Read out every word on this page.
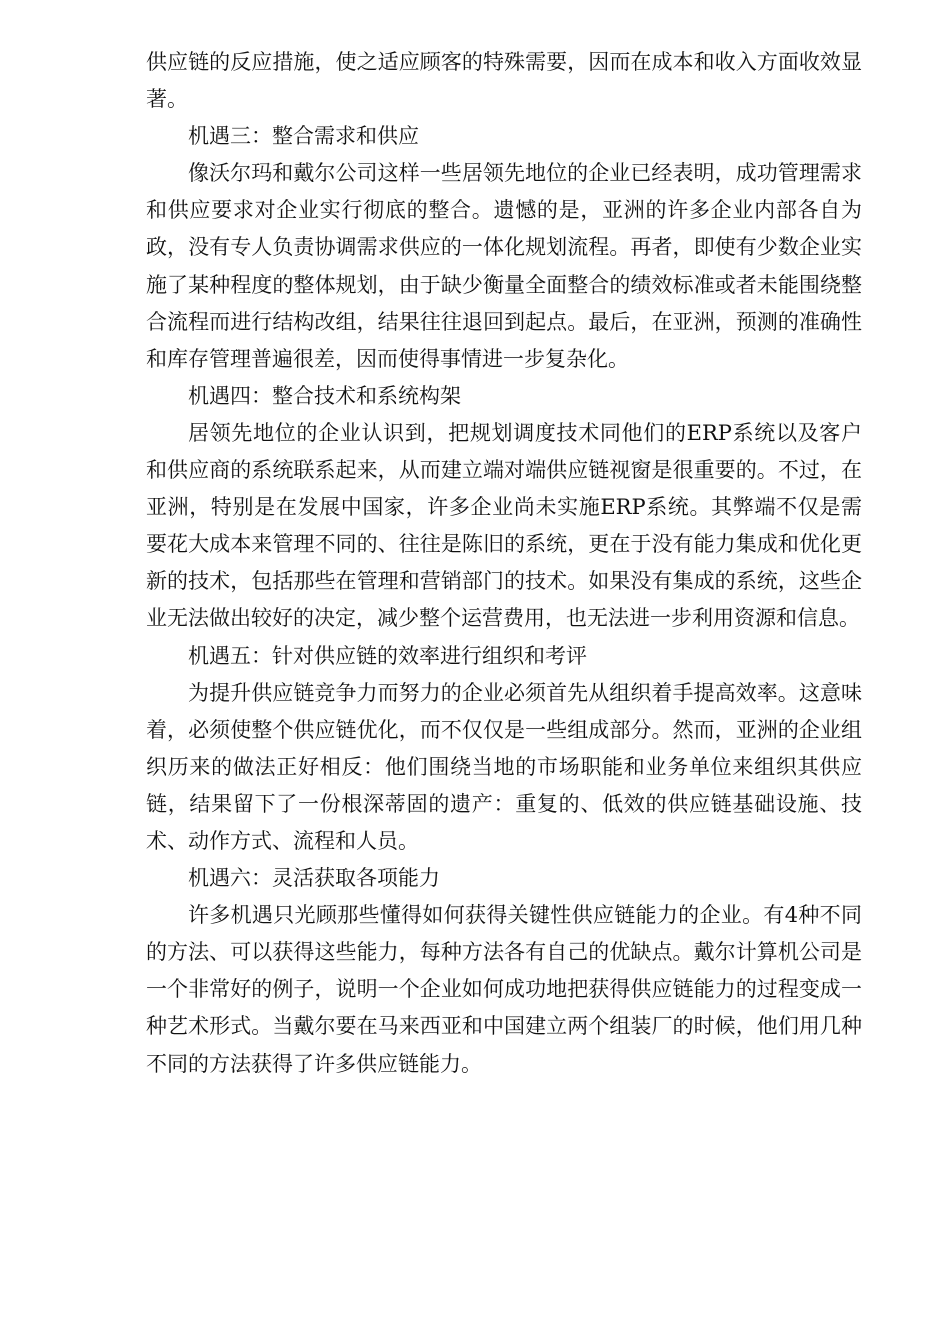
供应链的反应措施，使之适应顾客的特殊需要，因而在成本和收入方面收效显著。

机遇三：整合需求和供应

像沃尔玛和戴尔公司这样一些居领先地位的企业已经表明，成功管理需求和供应要求对企业实行彻底的整合。遗憾的是，亚洲的许多企业内部各自为政，没有专人负责协调需求供应的一体化规划流程。再者，即使有少数企业实施了某种程度的整体规划，由于缺少衡量全面整合的绩效标准或者未能围绕整合流程而进行结构改组，结果往往退回到起点。最后，在亚洲，预测的准确性和库存管理普遍很差，因而使得事情进一步复杂化。

机遇四：整合技术和系统构架

居领先地位的企业认识到，把规划调度技术同他们的ERP系统以及客户和供应商的系统联系起来，从而建立端对端供应链视窗是很重要的。不过，在亚洲，特别是在发展中国家，许多企业尚未实施ERP系统。其弊端不仅是需要花大成本来管理不同的、往往是陈旧的系统，更在于没有能力集成和优化更新的技术，包括那些在管理和营销部门的技术。如果没有集成的系统，这些企业无法做出较好的决定，减少整个运营费用，也无法进一步利用资源和信息。

机遇五：针对供应链的效率进行组织和考评

为提升供应链竞争力而努力的企业必须首先从组织着手提高效率。这意味着，必须使整个供应链优化，而不仅仅是一些组成部分。然而，亚洲的企业组织历来的做法正好相反：他们围绕当地的市场职能和业务单位来组织其供应链，结果留下了一份根深蒂固的遗产：重复的、低效的供应链基础设施、技术、动作方式、流程和人员。

机遇六：灵活获取各项能力

许多机遇只光顾那些懂得如何获得关键性供应链能力的企业。有4种不同的方法、可以获得这些能力，每种方法各有自己的优缺点。戴尔计算机公司是一个非常好的例子，说明一个企业如何成功地把获得供应链能力的过程变成一种艺术形式。当戴尔要在马来西亚和中国建立两个组装厂的时候，他们用几种不同的方法获得了许多供应链能力。
